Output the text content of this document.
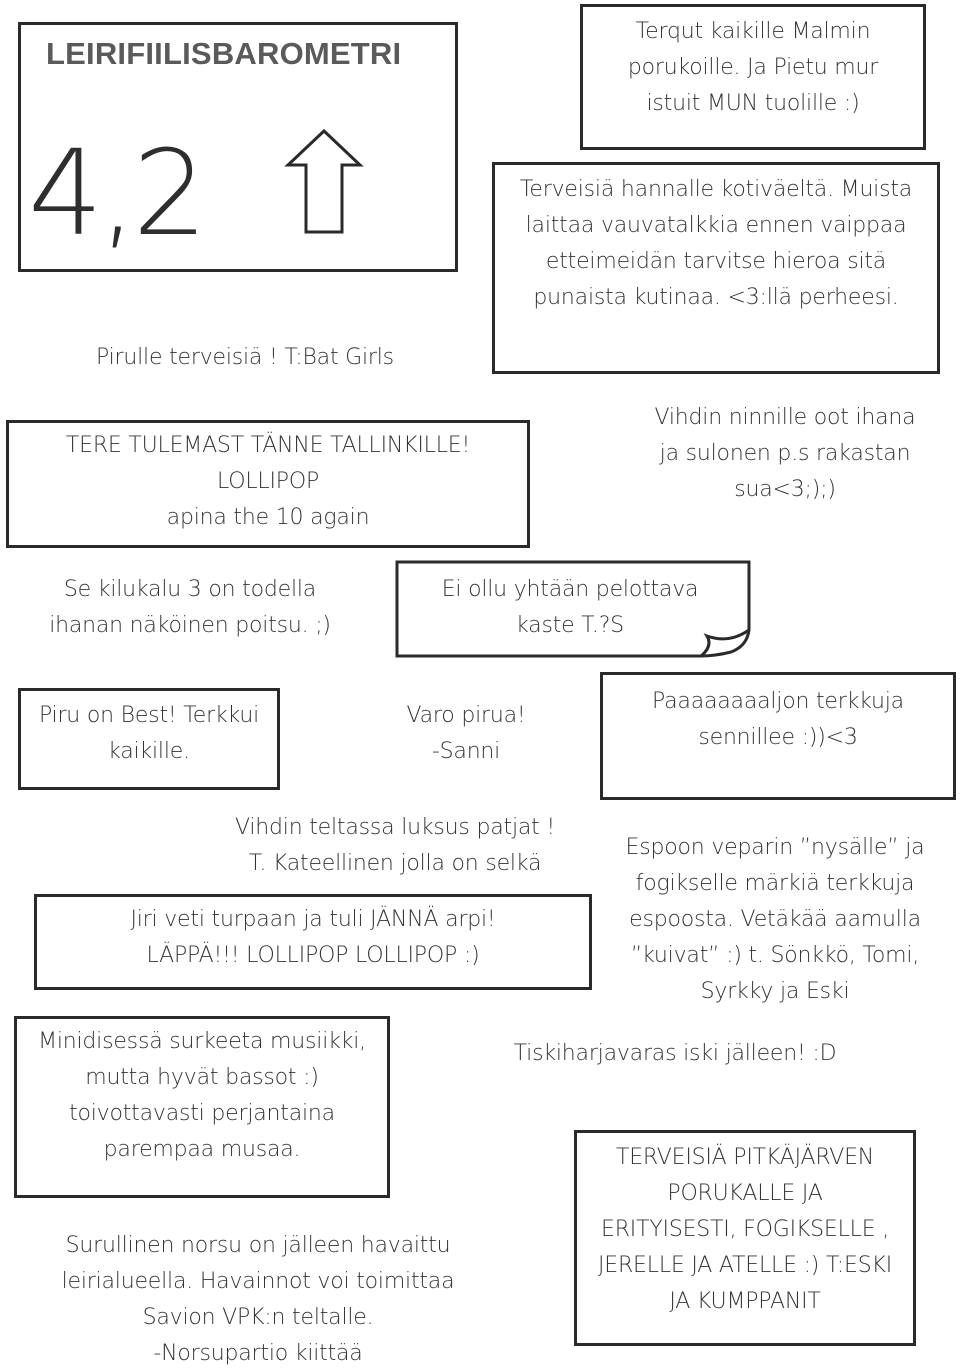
LEIRIFIILISBAROMETRI
4,2
Terqut kaikille Malmin
porukoille. Ja Pietu mur
istuit MUN tuolille :)
Terveisiä hannalle kotiväeltä. Muista
laittaa vauvatalkkia ennen vaippaa
etteimeidän tarvitse hieroa sitä
punaista kutinaa. <3:llä perheesi.
Pirulle terveisiä ! T:Bat Girls
TERE TULEMAST TÄNNE TALLINKILLE!
LOLLIPOP
apina the 10 again
Vihdin ninnille oot ihana
ja sulonen p.s rakastan
sua<3;);)
Se kilukalu 3 on todella
ihanan näköinen poitsu. ;)
Ei ollu yhtään pelottava
kaste T.?S
Piru on Best! Terkkui
kaikille.
Varo pirua!
-Sanni
Paaaaaaaaljon terkkuja
sennillee :))<3
Vihdin teltassa luksus patjat !
T. Kateellinen jolla on selkä
Espoon veparin ”nysälle” ja
fogikselle märkiä terkkuja
espoosta. Vetäkää aamulla
”kuivat” :) t. Sönkkö, Tomi,
Syrkky ja Eski
Jiri veti turpaan ja tuli JÄNNÄ arpi!
LÄPPÄ!!! LOLLIPOP LOLLIPOP :)
Minidisessä surkeeta musiikki,
mutta hyvät bassot :)
toivottavasti perjantaina
parempaa musaa.
Tiskiharjavaras iski jälleen! :D
TERVEISIÄ PITKÄJÄRVEN
PORUKALLE JA
ERITYISESTI, FOGIKSELLE ,
JERELLE JA ATELLE :) T:ESKI
JA KUMPPANIT
Surullinen norsu on jälleen havaittu
leirialueella. Havainnot voi toimittaa
Savion VPK:n teltalle.
-Norsupartio kiittää
